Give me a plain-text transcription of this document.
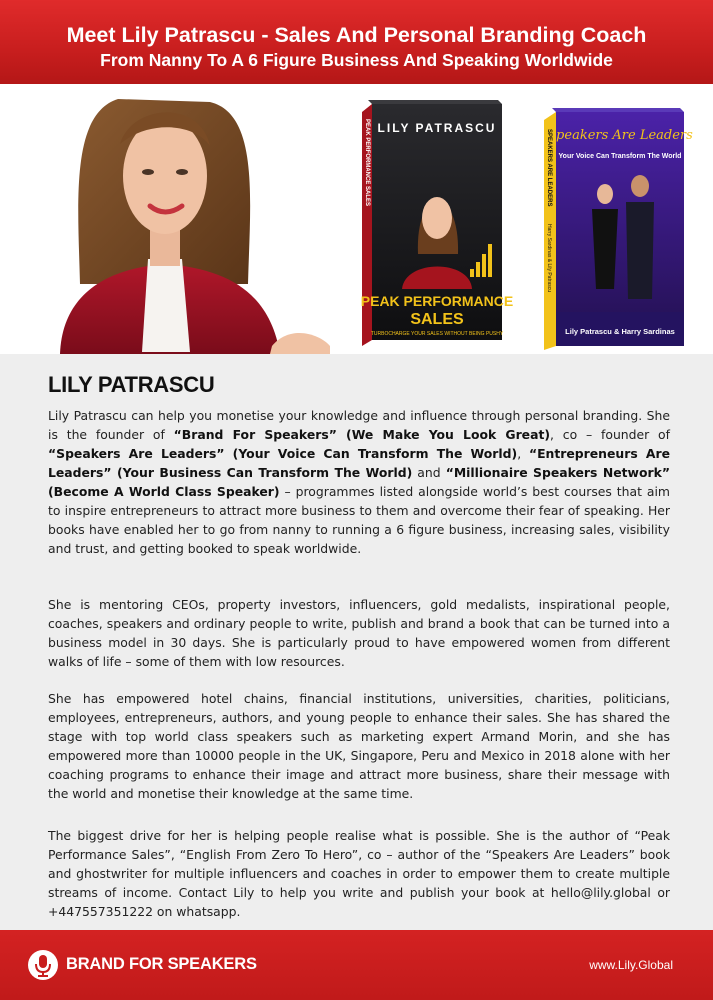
Meet Lily Patrascu - Sales And Personal Branding Coach
From Nanny To A 6 Figure Business And Speaking Worldwide
LILY PATRASCU
PEAK PERFORMANCE SALES
PEAK PERFORMANCE
SALES
TURBOCHARGE YOUR SALES WITHOUT BEING PUSHY
Speakers Are Leaders
Your Voice Can Transform The World
SPEAKERS ARE LEADERS
Harry Sardinas & Lily Patrascu
Lily Patrascu & Harry Sardinas
LILY PATRASCU

Lily Patrascu can help you monetise your knowledge and influence through personal branding. She is the founder of “Brand For Speakers” (We Make You Look Great), co – founder of “Speakers Are Leaders” (Your Voice Can Transform The World), “Entrepreneurs Are Leaders” (Your Business Can Transform The World) and “Millionaire Speakers Network” (Become A World Class Speaker) – programmes listed alongside world’s best courses that aim to inspire entrepreneurs to attract more business to them and overcome their fear of speaking. Her books have enabled her to go from nanny to running a 6 figure business, increasing sales, visibility and trust, and getting booked to speak worldwide.

She is mentoring CEOs, property investors, influencers, gold medalists, inspirational people, coaches, speakers and ordinary people to write, publish and brand a book that can be turned into a business model in 30 days. She is particularly proud to have empowered women from different walks of life – some of them with low resources.

She has empowered hotel chains, financial institutions, universities, charities, politicians, employees, entrepreneurs, authors, and young people to enhance their sales. She has shared the stage with top world class speakers such as marketing expert Armand Morin, and she has empowered more than 10000 people in the UK, Singapore, Peru and Mexico in 2018 alone with her coaching programs to enhance their image and attract more business, share their message with the world and monetise their knowledge at the same time.

The biggest drive for her is helping people realise what is possible. She is the author of “Peak Performance Sales”, “English From Zero To Hero”, co – author of the “Speakers Are Leaders” book and ghostwriter for multiple influencers and coaches in order to empower them to create multiple streams of income. Contact Lily to help you write and publish your book at hello@lily.global or +447557351222 on whatsapp.

BRAND FOR SPEAKERS	www.Lily.Global
